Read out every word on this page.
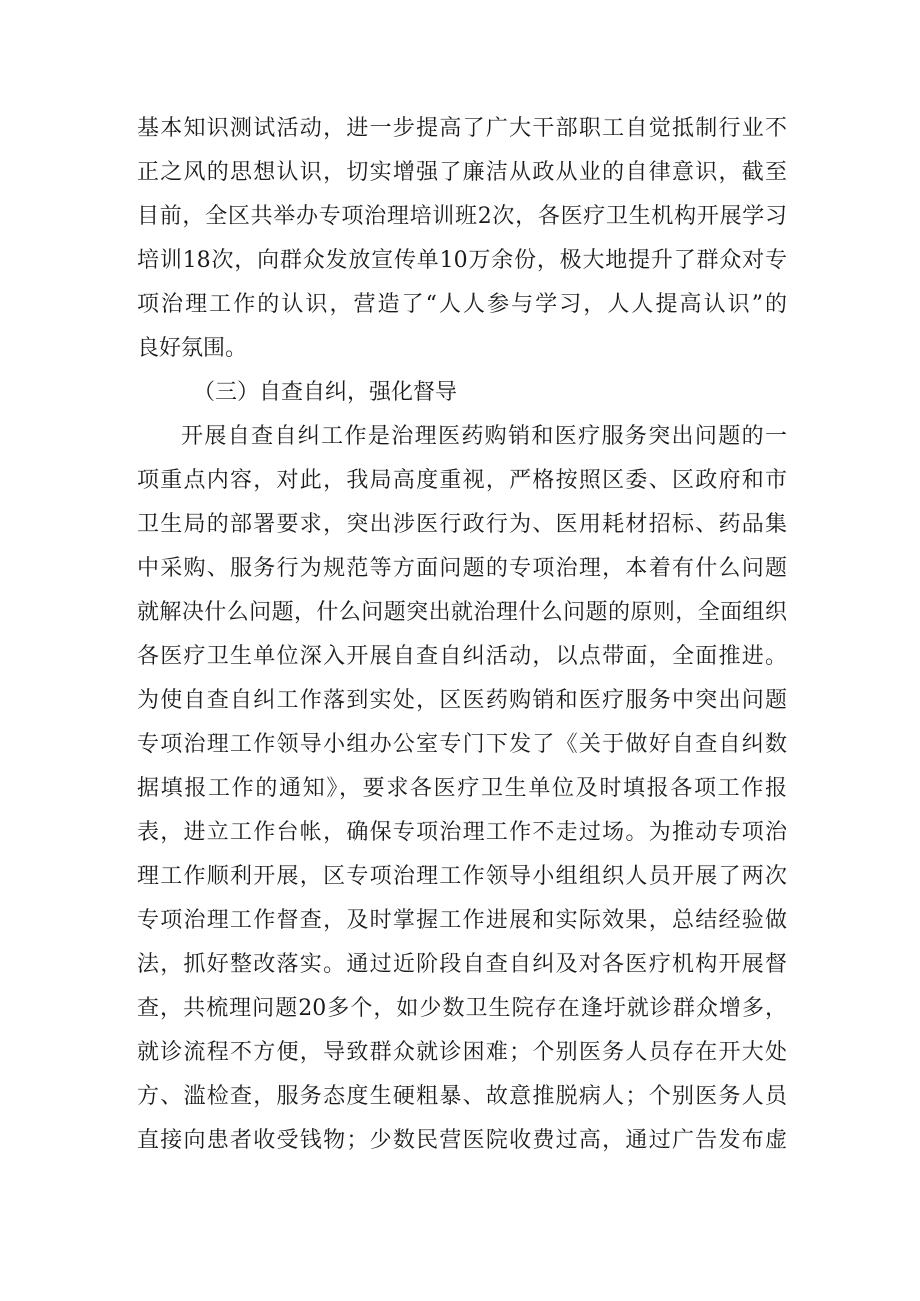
基本知识测试活动，进一步提高了广大干部职工自觉抵制行业不
正之风的思想认识，切实增强了廉洁从政从业的自律意识，截至
目前，全区共举办专项治理培训班2次，各医疗卫生机构开展学习
培训18次，向群众发放宣传单10万余份，极大地提升了群众对专
项治理工作的认识，营造了“人人参与学习，人人提高认识”的
良好氛围。
（三）自查自纠，强化督导
开展自查自纠工作是治理医药购销和医疗服务突出问题的一
项重点内容，对此，我局高度重视，严格按照区委、区政府和市
卫生局的部署要求，突出涉医行政行为、医用耗材招标、药品集
中采购、服务行为规范等方面问题的专项治理，本着有什么问题
就解决什么问题，什么问题突出就治理什么问题的原则，全面组织
各医疗卫生单位深入开展自查自纠活动，以点带面，全面推进。
为使自查自纠工作落到实处，区医药购销和医疗服务中突出问题
专项治理工作领导小组办公室专门下发了《关于做好自查自纠数
据填报工作的通知》，要求各医疗卫生单位及时填报各项工作报
表，进立工作台帐，确保专项治理工作不走过场。为推动专项治
理工作顺利开展，区专项治理工作领导小组组织人员开展了两次
专项治理工作督查，及时掌握工作进展和实际效果，总结经验做
法，抓好整改落实。通过近阶段自查自纠及对各医疗机构开展督
查，共梳理问题20多个，如少数卫生院存在逢圩就诊群众增多，
就诊流程不方便，导致群众就诊困难；个别医务人员存在开大处
方、滥检查，服务态度生硬粗暴、故意推脱病人；个别医务人员
直接向患者收受钱物；少数民营医院收费过高，通过广告发布虚
